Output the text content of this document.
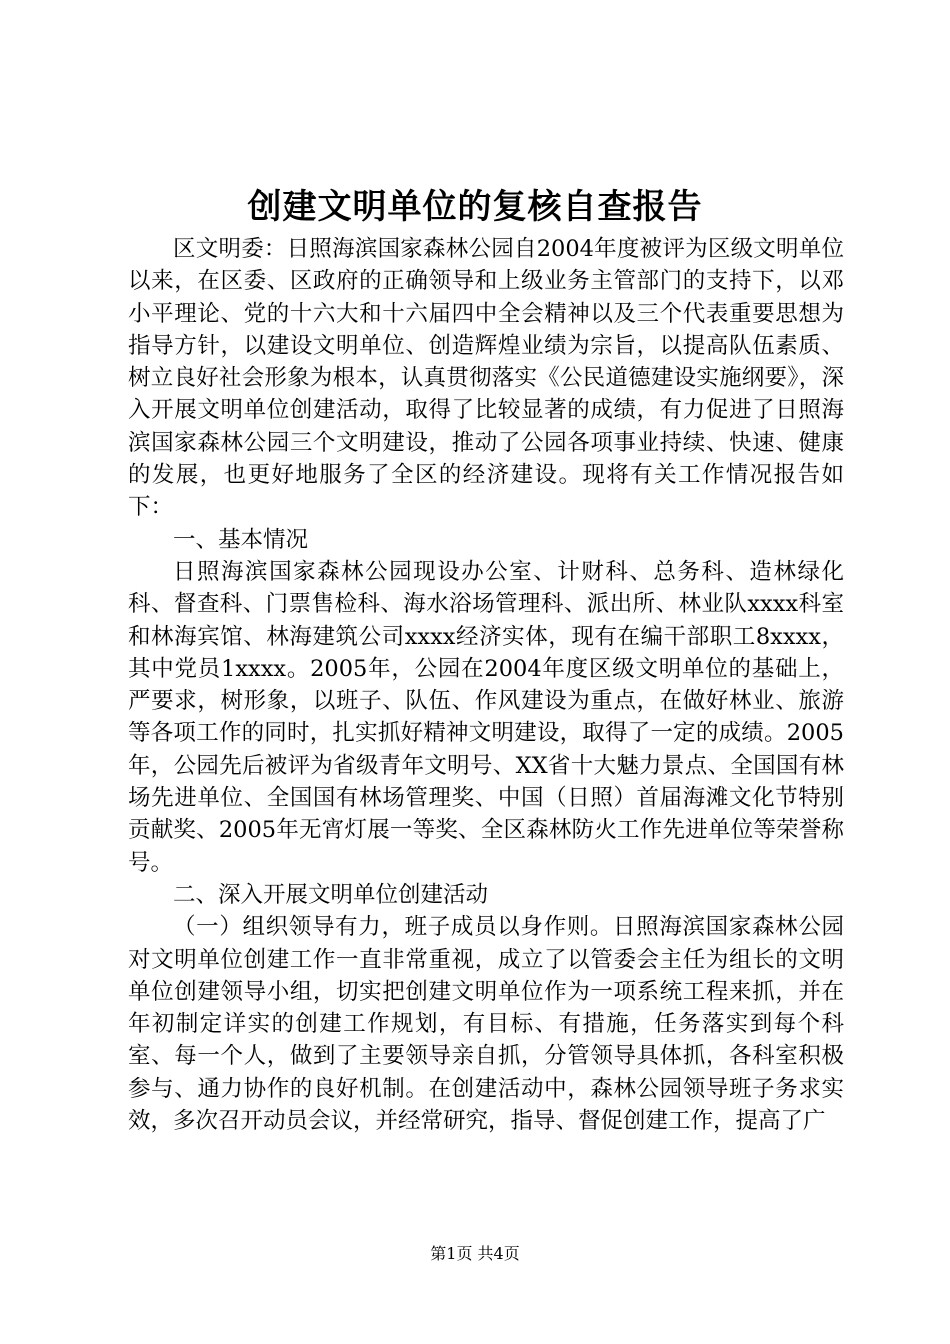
创建文明单位的复核自查报告

区文明委：日照海滨国家森林公园自2004年度被评为区级文明单位以来，在区委、区政府的正确领导和上级业务主管部门的支持下，以邓小平理论、党的十六大和十六届四中全会精神以及三个代表重要思想为指导方针，以建设文明单位、创造辉煌业绩为宗旨，以提高队伍素质、树立良好社会形象为根本，认真贯彻落实《公民道德建设实施纲要》，深入开展文明单位创建活动，取得了比较显著的成绩，有力促进了日照海滨国家森林公园三个文明建设，推动了公园各项事业持续、快速、健康的发展，也更好地服务了全区的经济建设。现将有关工作情况报告如下：

一、基本情况

日照海滨国家森林公园现设办公室、计财科、总务科、造林绿化科、督查科、门票售检科、海水浴场管理科、派出所、林业队xxxx科室和林海宾馆、林海建筑公司xxxx经济实体，现有在编干部职工8xxxx，其中党员1xxxx。2005年，公园在2004年度区级文明单位的基础上，严要求，树形象，以班子、队伍、作风建设为重点，在做好林业、旅游等各项工作的同时，扎实抓好精神文明建设，取得了一定的成绩。2005年，公园先后被评为省级青年文明号、XX省十大魅力景点、全国国有林场先进单位、全国国有林场管理奖、中国（日照）首届海滩文化节特别贡献奖、2005年无宵灯展一等奖、全区森林防火工作先进单位等荣誉称号。

二、深入开展文明单位创建活动

（一）组织领导有力，班子成员以身作则。日照海滨国家森林公园对文明单位创建工作一直非常重视，成立了以管委会主任为组长的文明单位创建领导小组，切实把创建文明单位作为一项系统工程来抓，并在年初制定详实的创建工作规划，有目标、有措施，任务落实到每个科室、每一个人，做到了主要领导亲自抓，分管领导具体抓，各科室积极参与、通力协作的良好机制。在创建活动中，森林公园领导班子务求实效，多次召开动员会议，并经常研究，指导、督促创建工作，提高了广

第1页 共4页
